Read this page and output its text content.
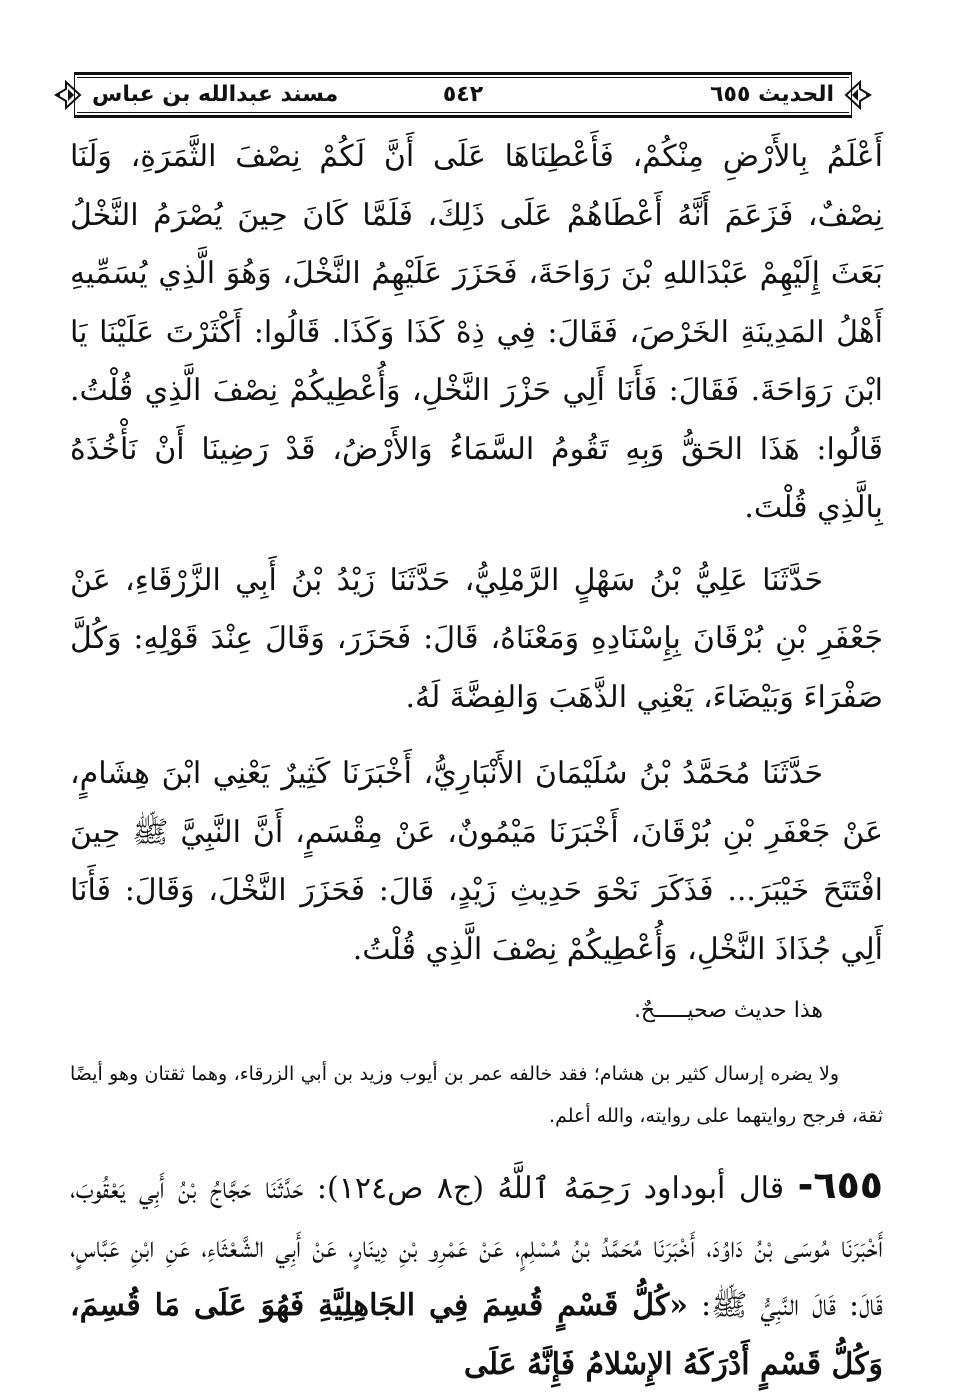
الحديث ٦٥٥
٥٤٢
مسند عبدالله بن عباس

أَعْلَمُ بِالأَرْضِ مِنْكُمْ، فَأَعْطِنَاهَا عَلَى أَنَّ لَكُمْ نِصْفَ الثَّمَرَةِ، وَلَنَا نِصْفٌ، فَزَعَمَ أَنَّهُ أَعْطَاهُمْ عَلَى ذَلِكَ، فَلَمَّا كَانَ حِينَ يُصْرَمُ النَّخْلُ بَعَثَ إِلَيْهِمْ عَبْدَاللهِ بْنَ رَوَاحَةَ، فَحَزَرَ عَلَيْهِمُ النَّخْلَ، وَهُوَ الَّذِي يُسَمِّيهِ أَهْلُ المَدِينَةِ الخَرْصَ، فَقَالَ: فِي ذِهْ كَذَا وَكَذَا. قَالُوا: أَكْثَرْتَ عَلَيْنَا يَا ابْنَ رَوَاحَةَ. فَقَالَ: فَأَنَا أَلِي حَزْرَ النَّخْلِ، وَأُعْطِيكُمْ نِصْفَ الَّذِي قُلْتُ. قَالُوا: هَذَا الحَقُّ وَبِهِ تَقُومُ السَّمَاءُ وَالأَرْضُ، قَدْ رَضِينَا أَنْ نَأْخُذَهُ بِالَّذِي قُلْتَ.

حَدَّثَنَا عَلِيُّ بْنُ سَهْلٍ الرَّمْلِيُّ، حَدَّثَنَا زَيْدُ بْنُ أَبِي الزَّرْقَاءِ، عَنْ جَعْفَرِ بْنِ بُرْقَانَ بِإِسْنَادِهِ وَمَعْنَاهُ، قَالَ: فَحَزَرَ، وَقَالَ عِنْدَ قَوْلِهِ: وَكُلَّ صَفْرَاءَ وَبَيْضَاءَ، يَعْنِي الذَّهَبَ وَالفِضَّةَ لَهُ.

حَدَّثَنَا مُحَمَّدُ بْنُ سُلَيْمَانَ الأَنْبَارِيُّ، أَخْبَرَنَا كَثِيرٌ يَعْنِي ابْنَ هِشَامٍ، عَنْ جَعْفَرِ بْنِ بُرْقَانَ، أَخْبَرَنَا مَيْمُونٌ، عَنْ مِقْسَمٍ، أَنَّ النَّبِيَّ ﷺ حِينَ افْتَتَحَ خَيْبَرَ... فَذَكَرَ نَحْوَ حَدِيثِ زَيْدٍ، قَالَ: فَحَزَرَ النَّخْلَ، وَقَالَ: فَأَنَا أَلِي جُذَاذَ النَّخْلِ، وَأُعْطِيكُمْ نِصْفَ الَّذِي قُلْتُ.

هذا حديث صحيـــــحٌ.

ولا يضره إرسال كثير بن هشام؛ فقد خالفه عمر بن أيوب وزيد بن أبي الزرقاء، وهما ثقتان وهو أيضًا ثقة، فرجح روايتهما على روايته، والله أعلم.

٦٥٥- قال أبوداود رَحِمَهُ ٱللَّهُ (ج٨ ص١٢٤): حَدَّثَنَا حَجَّاجُ بْنُ أَبِي يَعْقُوبَ، أَخْبَرَنَا مُوسَى بْنُ دَاوُدَ، أَخْبَرَنَا مُحَمَّدُ بْنُ مُسْلِمٍ، عَنْ عَمْرِو بْنِ دِينَارٍ، عَنْ أَبِي الشَّعْثَاءِ، عَنِ ابْنِ عَبَّاسٍ، قَالَ: قَالَ النَّبِيُّ ﷺ: «كُلُّ قَسْمٍ قُسِمَ فِي الجَاهِلِيَّةِ فَهُوَ عَلَى مَا قُسِمَ، وَكُلُّ قَسْمٍ أَدْرَكَهُ الإِسْلامُ فَإِنَّهُ عَلَى
